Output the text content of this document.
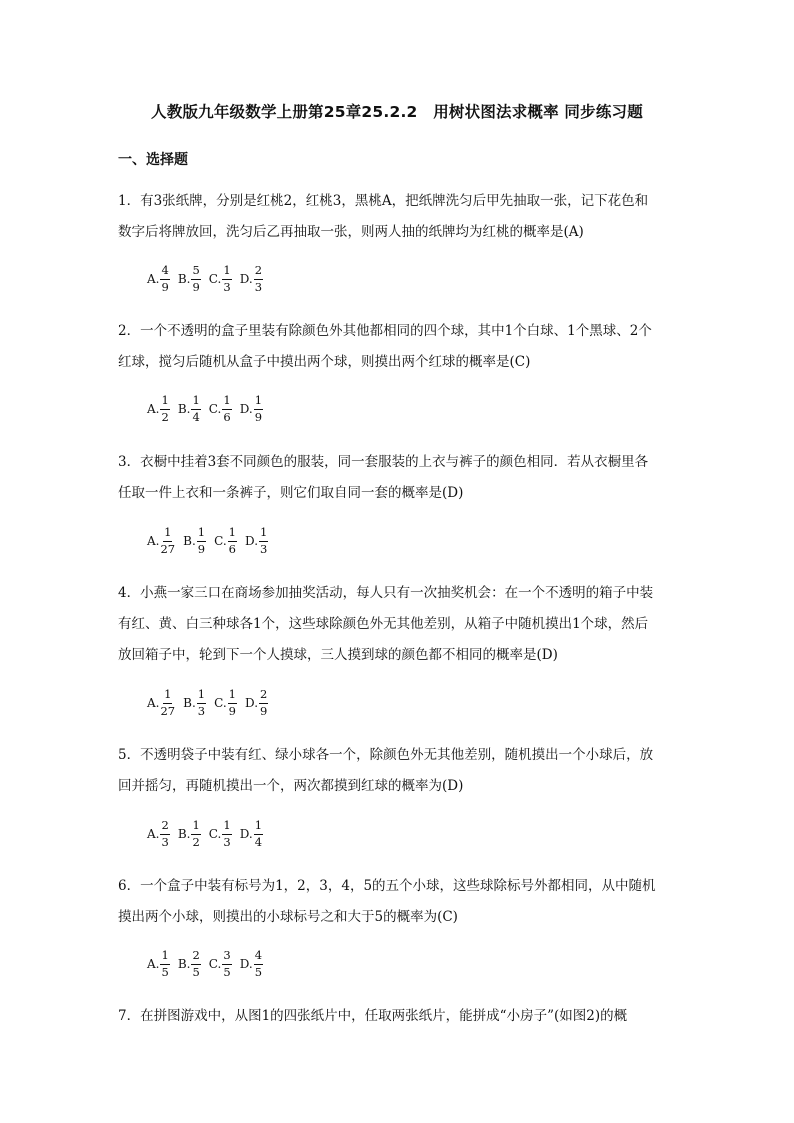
人教版九年级数学上册第25章25.2.2　用树状图法求概率 同步练习题
一、选择题
1．有3张纸牌，分别是红桃2，红桃3，黑桃A，把纸牌洗匀后甲先抽取一张，记下花色和
数字后将牌放回，洗匀后乙再抽取一张，则两人抽的纸牌均为红桃的概率是(A)
A. $\frac{4}{9} B$. $\frac{5}{9} C$. $\frac{1}{3} D$. $\frac{2}{3}$
2．一个不透明的盒子里装有除颜色外其他都相同的四个球，其中1个白球、1个黑球、2个
红球，搅匀后随机从盒子中摸出两个球，则摸出两个红球的概率是(C)
A. $\frac{1}{2} B$. $\frac{1}{4} C$. $\frac{1}{6} D$. $\frac{1}{9}$
3．衣橱中挂着3套不同颜色的服装，同一套服装的上衣与裤子的颜色相同．若从衣橱里各
任取一件上衣和一条裤子，则它们取自同一套的概率是(D)
A. $\frac{1}{27} B$. $\frac{1}{9} C$. $\frac{1}{6} D$. $\frac{1}{3}$
4．小燕一家三口在商场参加抽奖活动，每人只有一次抽奖机会：在一个不透明的箱子中装
有红、黄、白三种球各1个，这些球除颜色外无其他差别，从箱子中随机摸出1个球，然后
放回箱子中，轮到下一个人摸球，三人摸到球的颜色都不相同的概率是(D)
A. $\frac{1}{27} B$. $\frac{1}{3} C$. $\frac{1}{9} D$. $\frac{2}{9}$
5．不透明袋子中装有红、绿小球各一个，除颜色外无其他差别，随机摸出一个小球后，放
回并摇匀，再随机摸出一个，两次都摸到红球的概率为(D)
A. $\frac{2}{3} B$. $\frac{1}{2} C$. $\frac{1}{3} D$. $\frac{1}{4}$
6．一个盒子中装有标号为1，2，3，4，5的五个小球，这些球除标号外都相同，从中随机
摸出两个小球，则摸出的小球标号之和大于5的概率为(C)
A. $\frac{1}{5} B$. $\frac{2}{5} C$. $\frac{3}{5} D$. $\frac{4}{5}$
7．在拼图游戏中，从图1的四张纸片中，任取两张纸片，能拼成“小房子”(如图2)的概
